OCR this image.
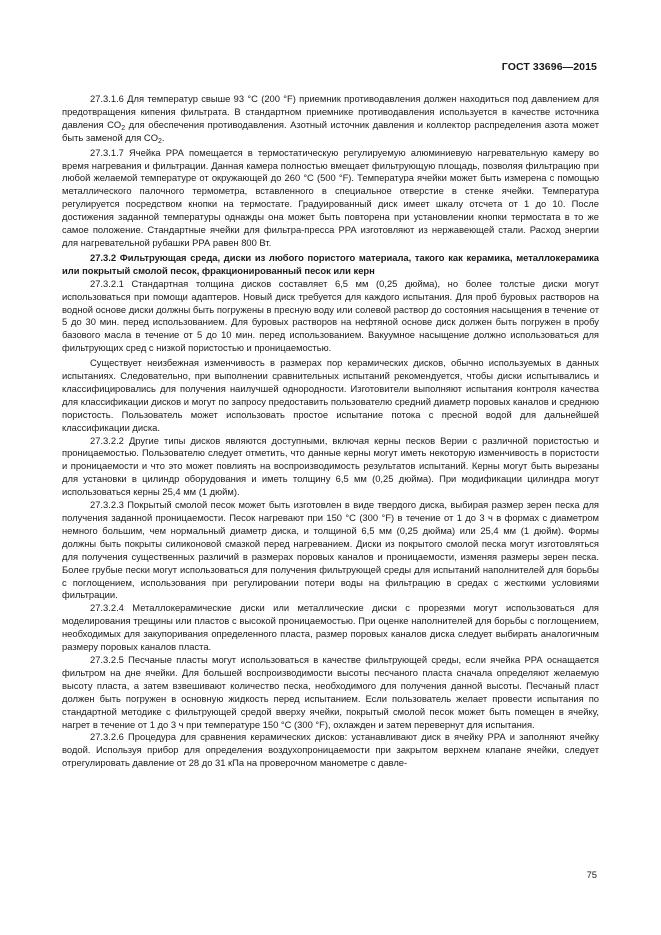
ГОСТ 33696—2015

27.3.1.6 Для температур свыше 93 °С (200 °F) приемник противодавления должен находиться под давлением для предотвращения кипения фильтрата. В стандартном приемнике противодавления используется в качестве источника давления $CO_2$ для обеспечения противодавления. Азотный источник давления и коллектор распределения азота может быть заменой для $CO_2$.

27.3.1.7 Ячейка РРА помещается в термостатическую регулируемую алюминиевую нагревательную камеру во время нагревания и фильтрации. Данная камера полностью вмещает фильтрующую площадь, позволяя фильтрацию при любой желаемой температуре от окружающей до 260 °С (500 °F). Температура ячейки может быть измерена с помощью металлического палочного термометра, вставленного в специальное отверстие в стенке ячейки. Температура регулируется посредством кнопки на термостате. Градуированный диск имеет шкалу отсчета от 1 до 10. После достижения заданной температуры однажды она может быть повторена при установлении кнопки термостата в то же самое положение. Стандартные ячейки для фильтра-пресса РРА изготовляют из нержавеющей стали. Расход энергии для нагревательной рубашки РРА равен 800 Вт.

27.3.2 Фильтрующая среда, диски из любого пористого материала, такого как керамика, металлокерамика или покрытый смолой песок, фракционированный песок или керн

27.3.2.1 Стандартная толщина дисков составляет 6,5 мм (0,25 дюйма), но более толстые диски могут использоваться при помощи адаптеров. Новый диск требуется для каждого испытания. Для проб буровых растворов на водной основе диски должны быть погружены в пресную воду или солевой раствор до состояния насыщения в течение от 5 до 30 мин. перед использованием. Для буровых растворов на нефтяной основе диск должен быть погружен в пробу базового масла в течение от 5 до 10 мин. перед использованием. Вакуумное насыщение должно использоваться для фильтрующих сред с низкой пористостью и проницаемостью.

Существует неизбежная изменчивость в размерах пор керамических дисков, обычно используемых в данных испытаниях. Следовательно, при выполнении сравнительных испытаний рекомендуется, чтобы диски испытывались и классифицировались для получения наилучшей однородности. Изготовители выполняют испытания контроля качества для классификации дисков и могут по запросу предоставить пользователю средний диаметр поровых каналов и среднюю пористость. Пользователь может использовать простое испытание потока с пресной водой для дальнейшей классификации диска.

27.3.2.2 Другие типы дисков являются доступными, включая керны песков Верии с различной пористостью и проницаемостью. Пользователю следует отметить, что данные керны могут иметь некоторую изменчивость в пористости и проницаемости и что это может повлиять на воспроизводимость результатов испытаний. Керны могут быть вырезаны для установки в цилиндр оборудования и иметь толщину 6,5 мм (0,25 дюйма). При модификации цилиндра могут использоваться керны 25,4 мм (1 дюйм).

27.3.2.3 Покрытый смолой песок может быть изготовлен в виде твердого диска, выбирая размер зерен песка для получения заданной проницаемости. Песок нагревают при 150 °С (300 °F) в течение от 1 до 3 ч в формах с диаметром немного большим, чем нормальный диаметр диска, и толщиной 6,5 мм (0,25 дюйма) или 25,4 мм (1 дюйм). Формы должны быть покрыты силиконовой смазкой перед нагреванием. Диски из покрытого смолой песка могут изготовляться для получения существенных различий в размерах поровых каналов и проницаемости, изменяя размеры зерен песка. Более грубые пески могут использоваться для получения фильтрующей среды для испытаний наполнителей для борьбы с поглощением, использования при регулировании потери воды на фильтрацию в средах с жесткими условиями фильтрации.

27.3.2.4 Металлокерамические диски или металлические диски с прорезями могут использоваться для моделирования трещины или пластов с высокой проницаемостью. При оценке наполнителей для борьбы с поглощением, необходимых для закупоривания определенного пласта, размер поровых каналов диска следует выбирать аналогичным размеру поровых каналов пласта.

27.3.2.5 Песчаные пласты могут использоваться в качестве фильтрующей среды, если ячейка РРА оснащается фильтром на дне ячейки. Для большей воспроизводимости высоты песчаного пласта сначала определяют желаемую высоту пласта, а затем взвешивают количество песка, необходимого для получения данной высоты. Песчаный пласт должен быть погружен в основную жидкость перед испытанием. Если пользователь желает провести испытания по стандартной методике с фильтрующей средой вверху ячейки, покрытый смолой песок может быть помещен в ячейку, нагрет в течение от 1 до 3 ч при температуре 150 °С (300 °F), охлажден и затем перевернут для испытания.

27.3.2.6 Процедура для сравнения керамических дисков: устанавливают диск в ячейку РРА и заполняют ячейку водой. Используя прибор для определения воздухопроницаемости при закрытом верхнем клапане ячейки, следует отрегулировать давление от 28 до 31 кПа на проверочном манометре с давле-

75
